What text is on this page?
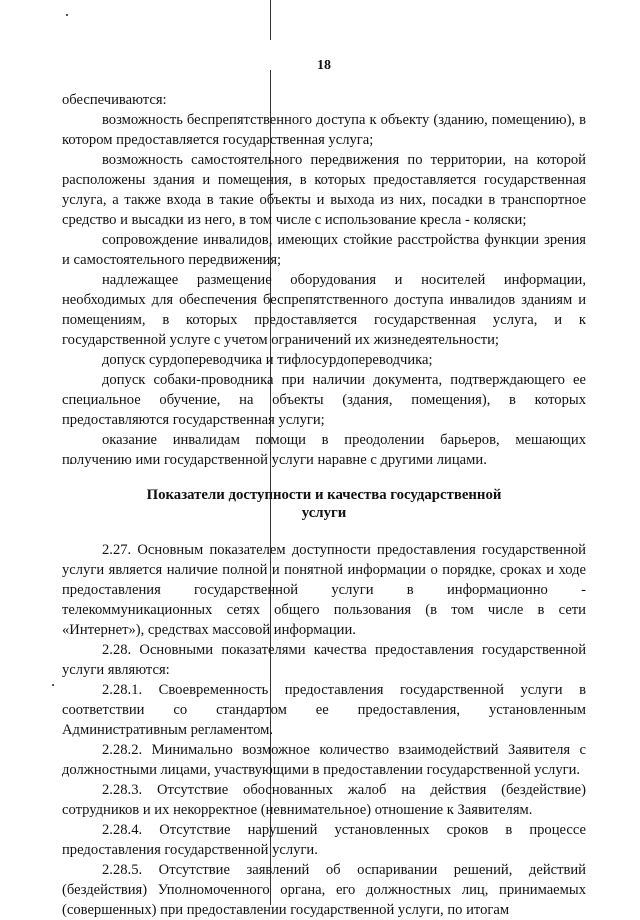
18

обеспечиваются:

возможность беспрепятственного доступа к объекту (зданию, помещению), в котором предоставляется государственная услуга;

возможность самостоятельного передвижения по территории, на которой расположены здания и помещения, в которых предоставляется государственная услуга, а также входа в такие объекты и выхода из них, посадки в транспортное средство и высадки из него, в том числе с использование кресла - коляски;

сопровождение инвалидов, имеющих стойкие расстройства функции зрения и самостоятельного передвижения;

надлежащее размещение оборудования и носителей информации, необходимых для обеспечения беспрепятственного доступа инвалидов зданиям и помещениям, в которых предоставляется государственная услуга, и к государственной услуге с учетом ограничений их жизнедеятельности;

допуск сурдопереводчика и тифлосурдопереводчика;

допуск собаки-проводника при наличии документа, подтверждающего ее специальное обучение, на объекты (здания, помещения), в которых предоставляются государственная услуги;

оказание инвалидам помощи в преодолении барьеров, мешающих получению ими государственной услуги наравне с другими лицами.

Показатели доступности и качества государственной
услуги

2.27. Основным показателем доступности предоставления государственной услуги является наличие полной и понятной информации о порядке, сроках и ходе предоставления государственной услуги в информационно - телекоммуникационных сетях общего пользования (в том числе в сети «Интернет»), средствах массовой информации.

2.28. Основными показателями качества предоставления государственной услуги являются:

2.28.1. Своевременность предоставления государственной услуги в соответствии со стандартом ее предоставления, установленным Административным регламентом.

2.28.2. Минимально возможное количество взаимодействий Заявителя с должностными лицами, участвующими в предоставлении государственной услуги.

2.28.3. Отсутствие обоснованных жалоб на действия (бездействие) сотрудников и их некорректное (невнимательное) отношение к Заявителям.

2.28.4. Отсутствие нарушений установленных сроков в процессе предоставления государственной услуги.

2.28.5. Отсутствие заявлений об оспаривании решений, действий (бездействия) Уполномоченного органа, его должностных лиц, принимаемых (совершенных) при предоставлении государственной услуги, по итогам
